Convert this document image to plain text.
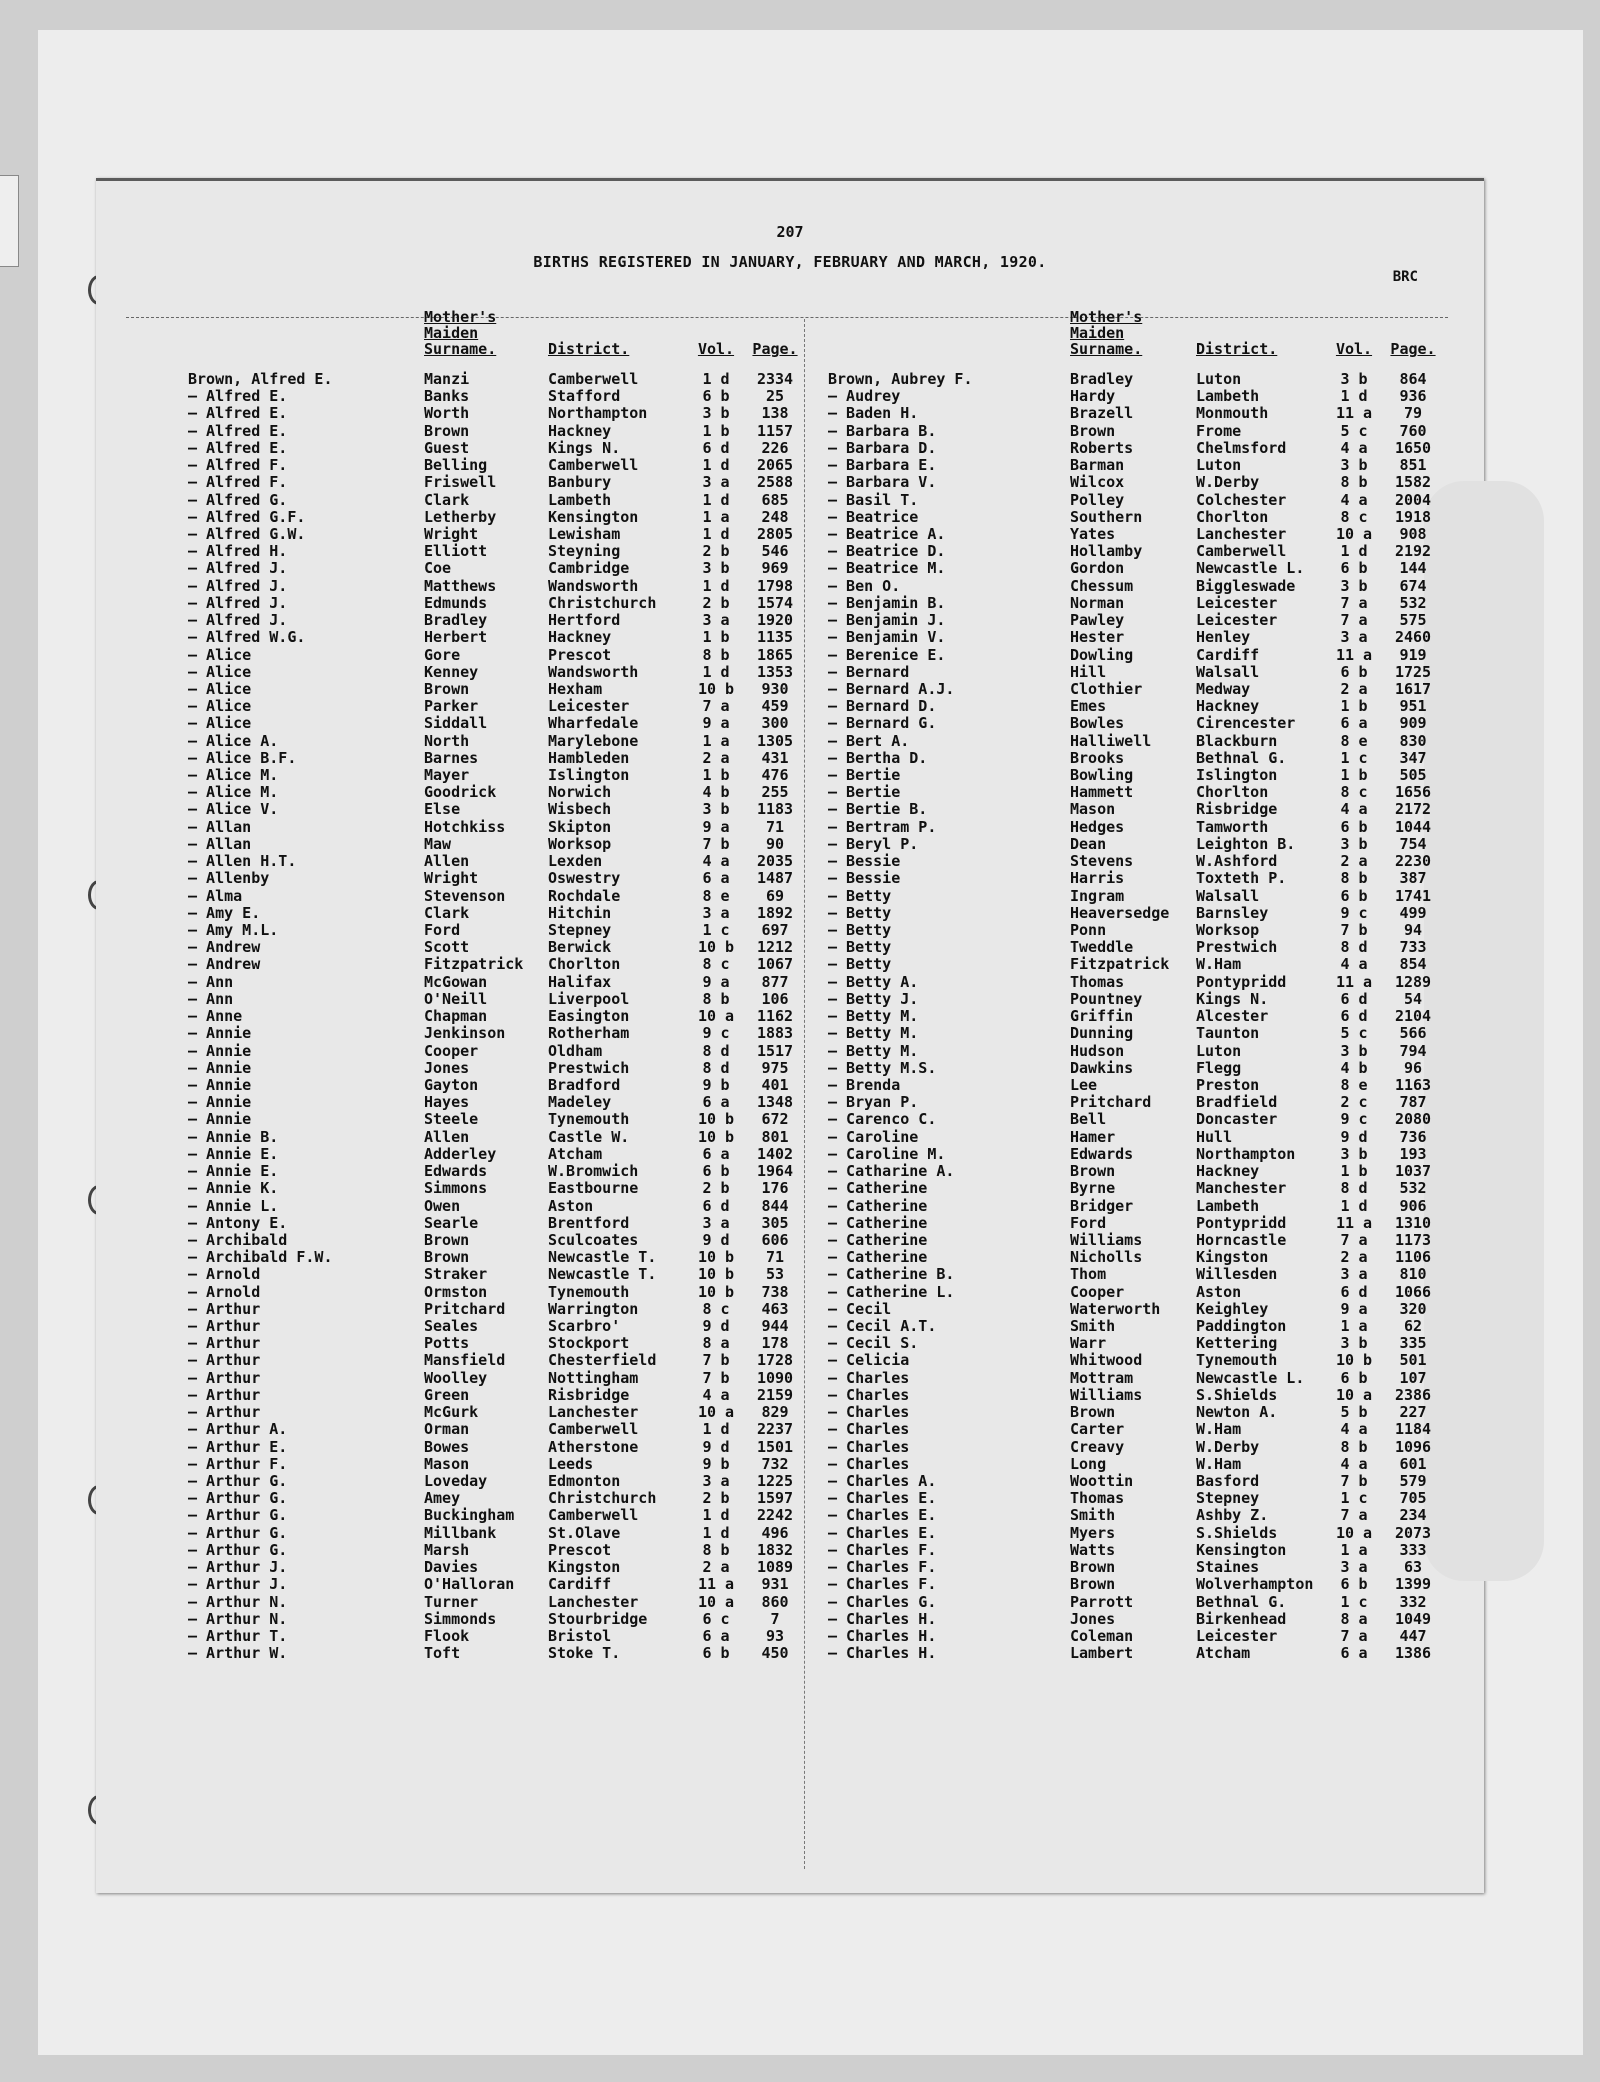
207
BIRTHS REGISTERED IN JANUARY, FEBRUARY AND MARCH, 1920.
BRC
Mother's
Maiden
Surname.	District.	Vol.	Page.
Brown, Alfred E.	Manzi	Camberwell	1 d	2334
— Alfred E.	Banks	Stafford	6 b	25
— Alfred E.	Worth	Northampton	3 b	138
— Alfred E.	Brown	Hackney	1 b	1157
— Alfred E.	Guest	Kings N.	6 d	226
— Alfred F.	Belling	Camberwell	1 d	2065
— Alfred F.	Friswell	Banbury	3 a	2588
— Alfred G.	Clark	Lambeth	1 d	685
— Alfred G.F.	Letherby	Kensington	1 a	248
— Alfred G.W.	Wright	Lewisham	1 d	2805
— Alfred H.	Elliott	Steyning	2 b	546
— Alfred J.	Coe	Cambridge	3 b	969
— Alfred J.	Matthews	Wandsworth	1 d	1798
— Alfred J.	Edmunds	Christchurch	2 b	1574
— Alfred J.	Bradley	Hertford	3 a	1920
— Alfred W.G.	Herbert	Hackney	1 b	1135
— Alice	Gore	Prescot	8 b	1865
— Alice	Kenney	Wandsworth	1 d	1353
— Alice	Brown	Hexham	10 b	930
— Alice	Parker	Leicester	7 a	459
— Alice	Siddall	Wharfedale	9 a	300
— Alice A.	North	Marylebone	1 a	1305
— Alice B.F.	Barnes	Hambleden	2 a	431
— Alice M.	Mayer	Islington	1 b	476
— Alice M.	Goodrick	Norwich	4 b	255
— Alice V.	Else	Wisbech	3 b	1183
— Allan	Hotchkiss	Skipton	9 a	71
— Allan	Maw	Worksop	7 b	90
— Allen H.T.	Allen	Lexden	4 a	2035
— Allenby	Wright	Oswestry	6 a	1487
— Alma	Stevenson	Rochdale	8 e	69
— Amy E.	Clark	Hitchin	3 a	1892
— Amy M.L.	Ford	Stepney	1 c	697
— Andrew	Scott	Berwick	10 b	1212
— Andrew	Fitzpatrick	Chorlton	8 c	1067
— Ann	McGowan	Halifax	9 a	877
— Ann	O'Neill	Liverpool	8 b	106
— Anne	Chapman	Easington	10 a	1162
— Annie	Jenkinson	Rotherham	9 c	1883
— Annie	Cooper	Oldham	8 d	1517
— Annie	Jones	Prestwich	8 d	975
— Annie	Gayton	Bradford	9 b	401
— Annie	Hayes	Madeley	6 a	1348
— Annie	Steele	Tynemouth	10 b	672
— Annie B.	Allen	Castle W.	10 b	801
— Annie E.	Adderley	Atcham	6 a	1402
— Annie E.	Edwards	W.Bromwich	6 b	1964
— Annie K.	Simmons	Eastbourne	2 b	176
— Annie L.	Owen	Aston	6 d	844
— Antony E.	Searle	Brentford	3 a	305
— Archibald	Brown	Sculcoates	9 d	606
— Archibald F.W.	Brown	Newcastle T.	10 b	71
— Arnold	Straker	Newcastle T.	10 b	53
— Arnold	Ormston	Tynemouth	10 b	738
— Arthur	Pritchard	Warrington	8 c	463
— Arthur	Seales	Scarbro'	9 d	944
— Arthur	Potts	Stockport	8 a	178
— Arthur	Mansfield	Chesterfield	7 b	1728
— Arthur	Woolley	Nottingham	7 b	1090
— Arthur	Green	Risbridge	4 a	2159
— Arthur	McGurk	Lanchester	10 a	829
— Arthur A.	Orman	Camberwell	1 d	2237
— Arthur E.	Bowes	Atherstone	9 d	1501
— Arthur F.	Mason	Leeds	9 b	732
— Arthur G.	Loveday	Edmonton	3 a	1225
— Arthur G.	Amey	Christchurch	2 b	1597
— Arthur G.	Buckingham	Camberwell	1 d	2242
— Arthur G.	Millbank	St.Olave	1 d	496
— Arthur G.	Marsh	Prescot	8 b	1832
— Arthur J.	Davies	Kingston	2 a	1089
— Arthur J.	O'Halloran	Cardiff	11 a	931
— Arthur N.	Turner	Lanchester	10 a	860
— Arthur N.	Simmonds	Stourbridge	6 c	7
— Arthur T.	Flook	Bristol	6 a	93
— Arthur W.	Toft	Stoke T.	6 b	450
Mother's
Maiden
Surname.	District.	Vol.	Page.
Brown, Aubrey F.	Bradley	Luton	3 b	864
— Audrey	Hardy	Lambeth	1 d	936
— Baden H.	Brazell	Monmouth	11 a	79
— Barbara B.	Brown	Frome	5 c	760
— Barbara D.	Roberts	Chelmsford	4 a	1650
— Barbara E.	Barman	Luton	3 b	851
— Barbara V.	Wilcox	W.Derby	8 b	1582
— Basil T.	Polley	Colchester	4 a	2004
— Beatrice	Southern	Chorlton	8 c	1918
— Beatrice A.	Yates	Lanchester	10 a	908
— Beatrice D.	Hollamby	Camberwell	1 d	2192
— Beatrice M.	Gordon	Newcastle L.	6 b	144
— Ben O.	Chessum	Biggleswade	3 b	674
— Benjamin B.	Norman	Leicester	7 a	532
— Benjamin J.	Pawley	Leicester	7 a	575
— Benjamin V.	Hester	Henley	3 a	2460
— Berenice E.	Dowling	Cardiff	11 a	919
— Bernard	Hill	Walsall	6 b	1725
— Bernard A.J.	Clothier	Medway	2 a	1617
— Bernard D.	Emes	Hackney	1 b	951
— Bernard G.	Bowles	Cirencester	6 a	909
— Bert A.	Halliwell	Blackburn	8 e	830
— Bertha D.	Brooks	Bethnal G.	1 c	347
— Bertie	Bowling	Islington	1 b	505
— Bertie	Hammett	Chorlton	8 c	1656
— Bertie B.	Mason	Risbridge	4 a	2172
— Bertram P.	Hedges	Tamworth	6 b	1044
— Beryl P.	Dean	Leighton B.	3 b	754
— Bessie	Stevens	W.Ashford	2 a	2230
— Bessie	Harris	Toxteth P.	8 b	387
— Betty	Ingram	Walsall	6 b	1741
— Betty	Heaversedge	Barnsley	9 c	499
— Betty	Ponn	Worksop	7 b	94
— Betty	Tweddle	Prestwich	8 d	733
— Betty	Fitzpatrick	W.Ham	4 a	854
— Betty A.	Thomas	Pontypridd	11 a	1289
— Betty J.	Pountney	Kings N.	6 d	54
— Betty M.	Griffin	Alcester	6 d	2104
— Betty M.	Dunning	Taunton	5 c	566
— Betty M.	Hudson	Luton	3 b	794
— Betty M.S.	Dawkins	Flegg	4 b	96
— Brenda	Lee	Preston	8 e	1163
— Bryan P.	Pritchard	Bradfield	2 c	787
— Carenco C.	Bell	Doncaster	9 c	2080
— Caroline	Hamer	Hull	9 d	736
— Caroline M.	Edwards	Northampton	3 b	193
— Catharine A.	Brown	Hackney	1 b	1037
— Catherine	Byrne	Manchester	8 d	532
— Catherine	Bridger	Lambeth	1 d	906
— Catherine	Ford	Pontypridd	11 a	1310
— Catherine	Williams	Horncastle	7 a	1173
— Catherine	Nicholls	Kingston	2 a	1106
— Catherine B.	Thom	Willesden	3 a	810
— Catherine L.	Cooper	Aston	6 d	1066
— Cecil	Waterworth	Keighley	9 a	320
— Cecil A.T.	Smith	Paddington	1 a	62
— Cecil S.	Warr	Kettering	3 b	335
— Celicia	Whitwood	Tynemouth	10 b	501
— Charles	Mottram	Newcastle L.	6 b	107
— Charles	Williams	S.Shields	10 a	2386
— Charles	Brown	Newton A.	5 b	227
— Charles	Carter	W.Ham	4 a	1184
— Charles	Creavy	W.Derby	8 b	1096
— Charles	Long	W.Ham	4 a	601
— Charles A.	Woottin	Basford	7 b	579
— Charles E.	Thomas	Stepney	1 c	705
— Charles E.	Smith	Ashby Z.	7 a	234
— Charles E.	Myers	S.Shields	10 a	2073
— Charles F.	Watts	Kensington	1 a	333
— Charles F.	Brown	Staines	3 a	63
— Charles F.	Brown	Wolverhampton	6 b	1399
— Charles G.	Parrott	Bethnal G.	1 c	332
— Charles H.	Jones	Birkenhead	8 a	1049
— Charles H.	Coleman	Leicester	7 a	447
— Charles H.	Lambert	Atcham	6 a	1386
